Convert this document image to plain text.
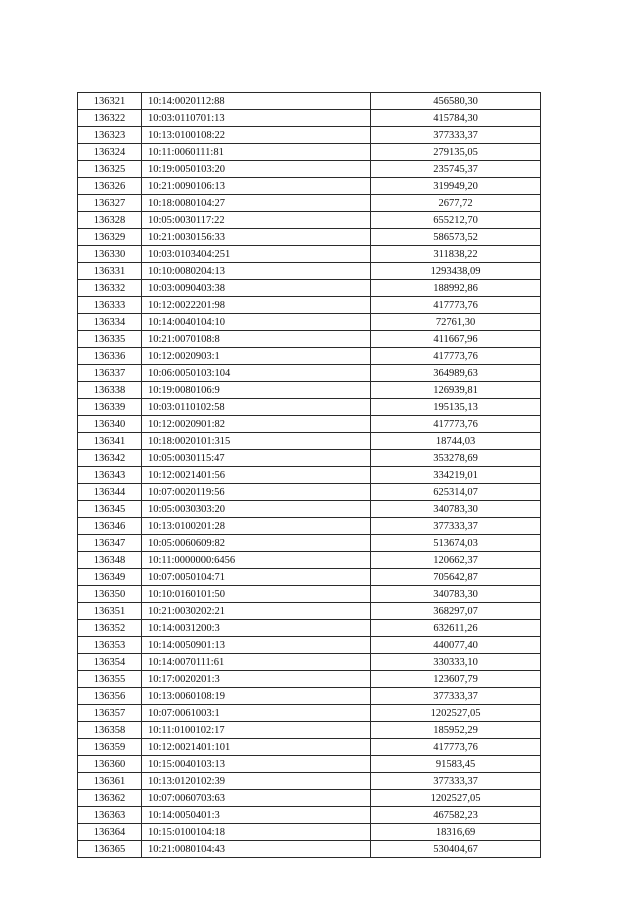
136321	10:14:0020112:88	456580,30
136322	10:03:0110701:13	415784,30
136323	10:13:0100108:22	377333,37
136324	10:11:0060111:81	279135,05
136325	10:19:0050103:20	235745,37
136326	10:21:0090106:13	319949,20
136327	10:18:0080104:27	2677,72
136328	10:05:0030117:22	655212,70
136329	10:21:0030156:33	586573,52
136330	10:03:0103404:251	311838,22
136331	10:10:0080204:13	1293438,09
136332	10:03:0090403:38	188992,86
136333	10:12:0022201:98	417773,76
136334	10:14:0040104:10	72761,30
136335	10:21:0070108:8	411667,96
136336	10:12:0020903:1	417773,76
136337	10:06:0050103:104	364989,63
136338	10:19:0080106:9	126939,81
136339	10:03:0110102:58	195135,13
136340	10:12:0020901:82	417773,76
136341	10:18:0020101:315	18744,03
136342	10:05:0030115:47	353278,69
136343	10:12:0021401:56	334219,01
136344	10:07:0020119:56	625314,07
136345	10:05:0030303:20	340783,30
136346	10:13:0100201:28	377333,37
136347	10:05:0060609:82	513674,03
136348	10:11:0000000:6456	120662,37
136349	10:07:0050104:71	705642,87
136350	10:10:0160101:50	340783,30
136351	10:21:0030202:21	368297,07
136352	10:14:0031200:3	632611,26
136353	10:14:0050901:13	440077,40
136354	10:14:0070111:61	330333,10
136355	10:17:0020201:3	123607,79
136356	10:13:0060108:19	377333,37
136357	10:07:0061003:1	1202527,05
136358	10:11:0100102:17	185952,29
136359	10:12:0021401:101	417773,76
136360	10:15:0040103:13	91583,45
136361	10:13:0120102:39	377333,37
136362	10:07:0060703:63	1202527,05
136363	10:14:0050401:3	467582,23
136364	10:15:0100104:18	18316,69
136365	10:21:0080104:43	530404,67
